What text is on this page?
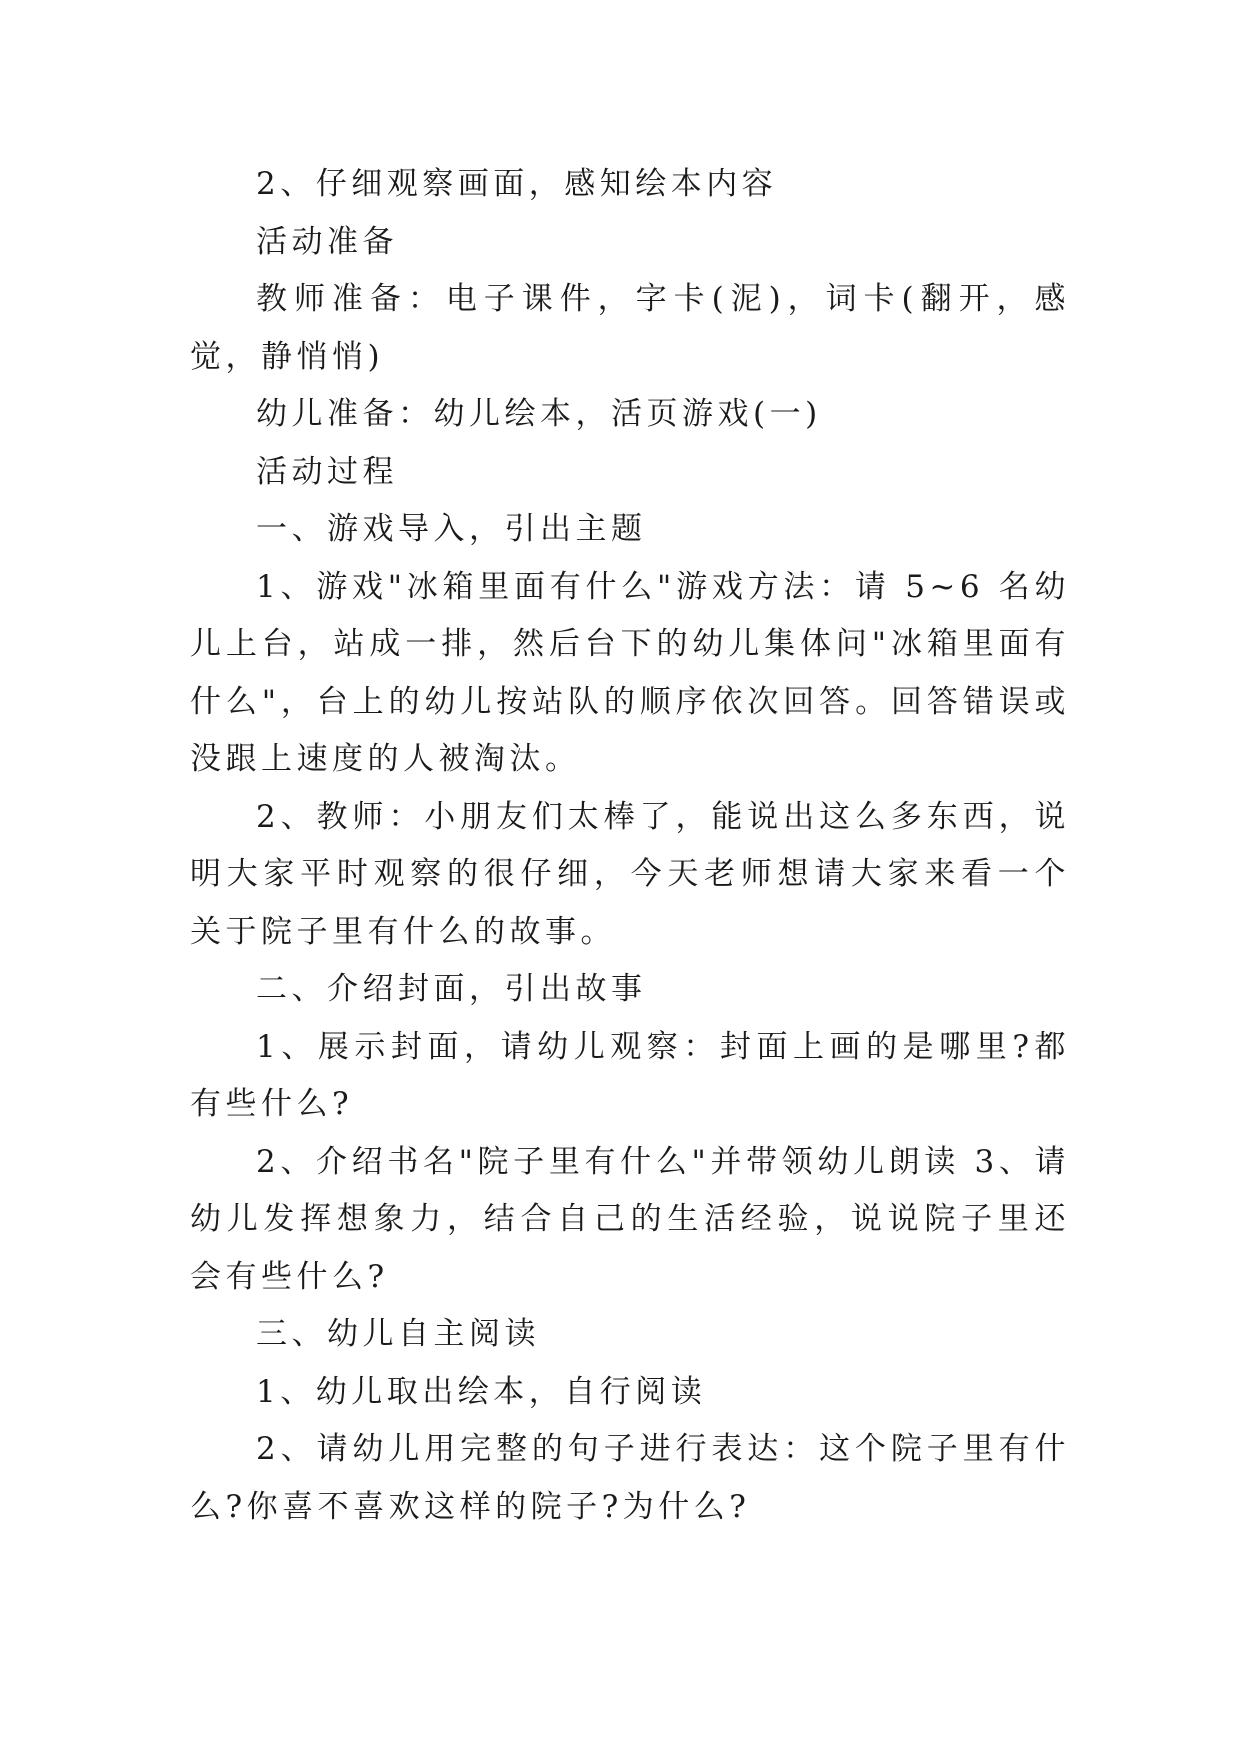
2、仔细观察画面，感知绘本内容

活动准备

教师准备：电子课件，字卡(泥)，词卡(翻开，感觉，静悄悄)

幼儿准备：幼儿绘本，活页游戏(一)

活动过程

一、游戏导入，引出主题

1、游戏"冰箱里面有什么"游戏方法：请 5~6 名幼儿上台，站成一排，然后台下的幼儿集体问"冰箱里面有什么"，台上的幼儿按站队的顺序依次回答。回答错误或没跟上速度的人被淘汰。

2、教师：小朋友们太棒了，能说出这么多东西，说明大家平时观察的很仔细，今天老师想请大家来看一个关于院子里有什么的故事。

二、介绍封面，引出故事

1、展示封面，请幼儿观察：封面上画的是哪里?都有些什么?

2、介绍书名"院子里有什么"并带领幼儿朗读 3、请幼儿发挥想象力，结合自己的生活经验，说说院子里还会有些什么?

三、幼儿自主阅读

1、幼儿取出绘本，自行阅读

2、请幼儿用完整的句子进行表达：这个院子里有什么?你喜不喜欢这样的院子?为什么?
